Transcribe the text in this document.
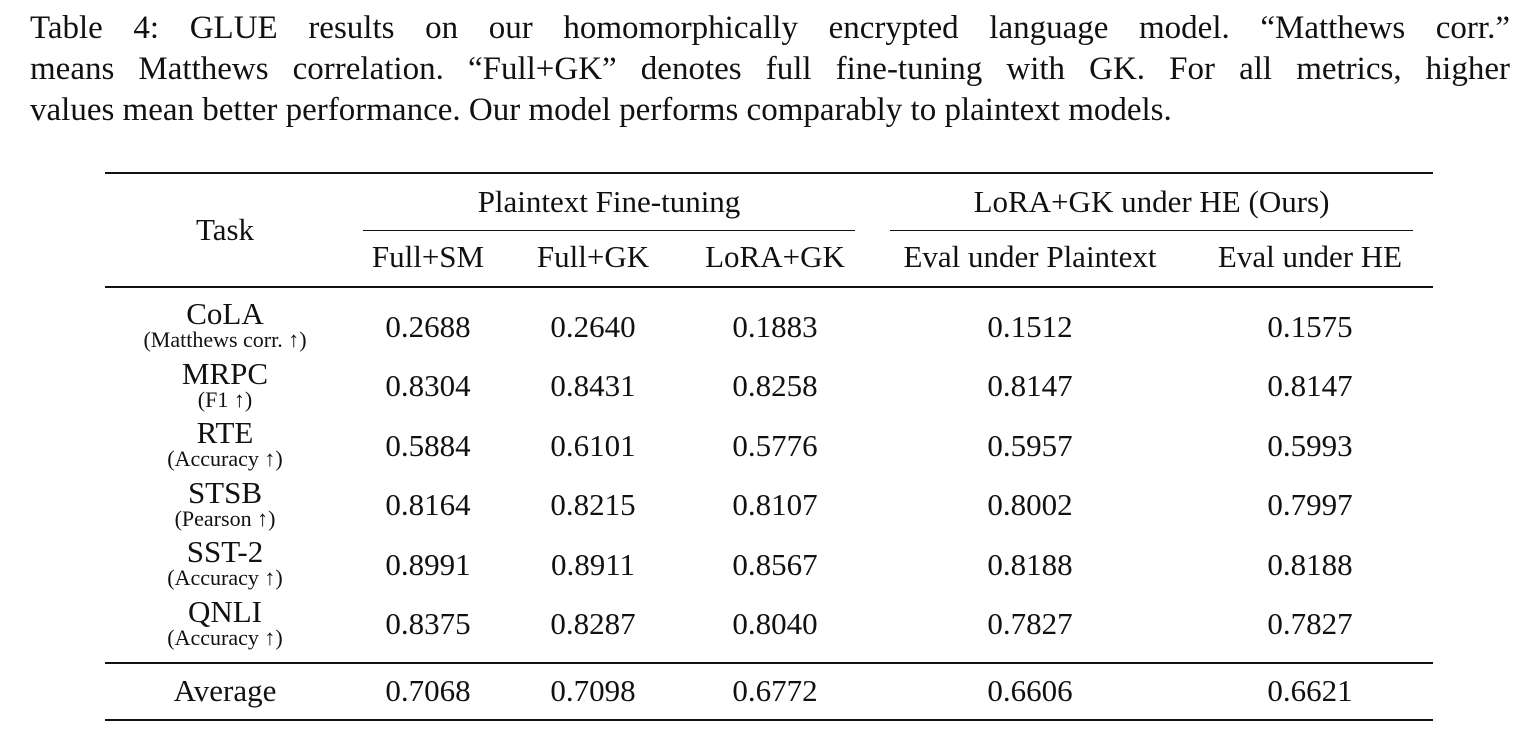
Table 4: GLUE results on our homomorphically encrypted language model. “Matthews corr.”
means Matthews correlation. “Full+GK” denotes full fine-tuning with GK. For all metrics, higher
values mean better performance. Our model performs comparably to plaintext models.
Task
Plaintext Fine-tuning	LoRA+GK under HE (Ours)
Full+SM	Full+GK	LoRA+GK	Eval under Plaintext	Eval under HE
CoLA
(Matthews corr. ↑)	0.2688	0.2640	0.1883	0.1512	0.1575
MRPC
(F1 ↑)	0.8304	0.8431	0.8258	0.8147	0.8147
RTE
(Accuracy ↑)	0.5884	0.6101	0.5776	0.5957	0.5993
STSB
(Pearson ↑)	0.8164	0.8215	0.8107	0.8002	0.7997
SST-2
(Accuracy ↑)	0.8991	0.8911	0.8567	0.8188	0.8188
QNLI
(Accuracy ↑)	0.8375	0.8287	0.8040	0.7827	0.7827
Average	0.7068	0.7098	0.6772	0.6606	0.6621
